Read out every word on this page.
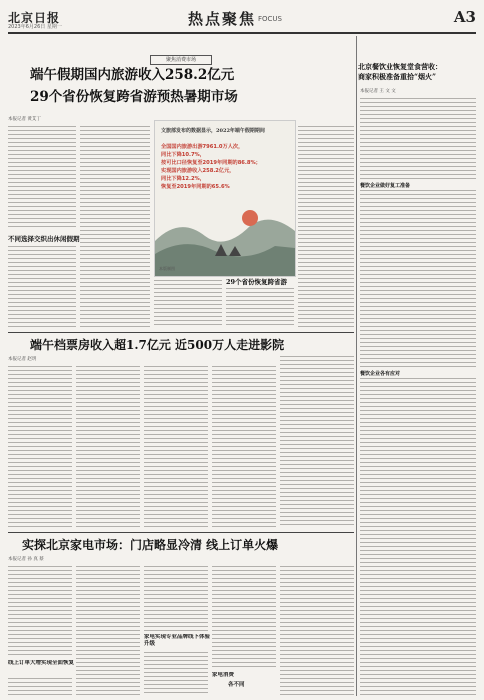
北京日报
2023年6月26日 星期一	热点聚焦 FOCUS	A3
聚焦消费市场
端午假期国内旅游收入258.2亿元
29个省份恢复跨省游预热暑期市场
本报记者 黄艾丁
不同选择交织出休闲假期
文旅部发布的数据显示，2022年端午假期期间
全国国内旅游出游7961.0万人次，
同比下降10.7%，
按可比口径恢复至2019年同期的86.8%；
实现国内旅游收入258.2亿元，
同比下降12.2%，
恢复至2019年同期的65.6%
本版制图
29个省份恢复跨省游
端午档票房收入超1.7亿元 近500万人走进影院
本报记者 赵玥
实探北京家电市场：门店略显冷清 线上订单火爆
本报记者 孙 真 蔡
线上订单大增实现全面恢复
家电实现专业品牌线下体验升级
家电消费
各不同
北京餐饮业恢复堂食营收：
商家积极准备重拾“烟火”
本报记者 王 文 文
餐饮企业做好复工准备
餐饮企业各有应对
